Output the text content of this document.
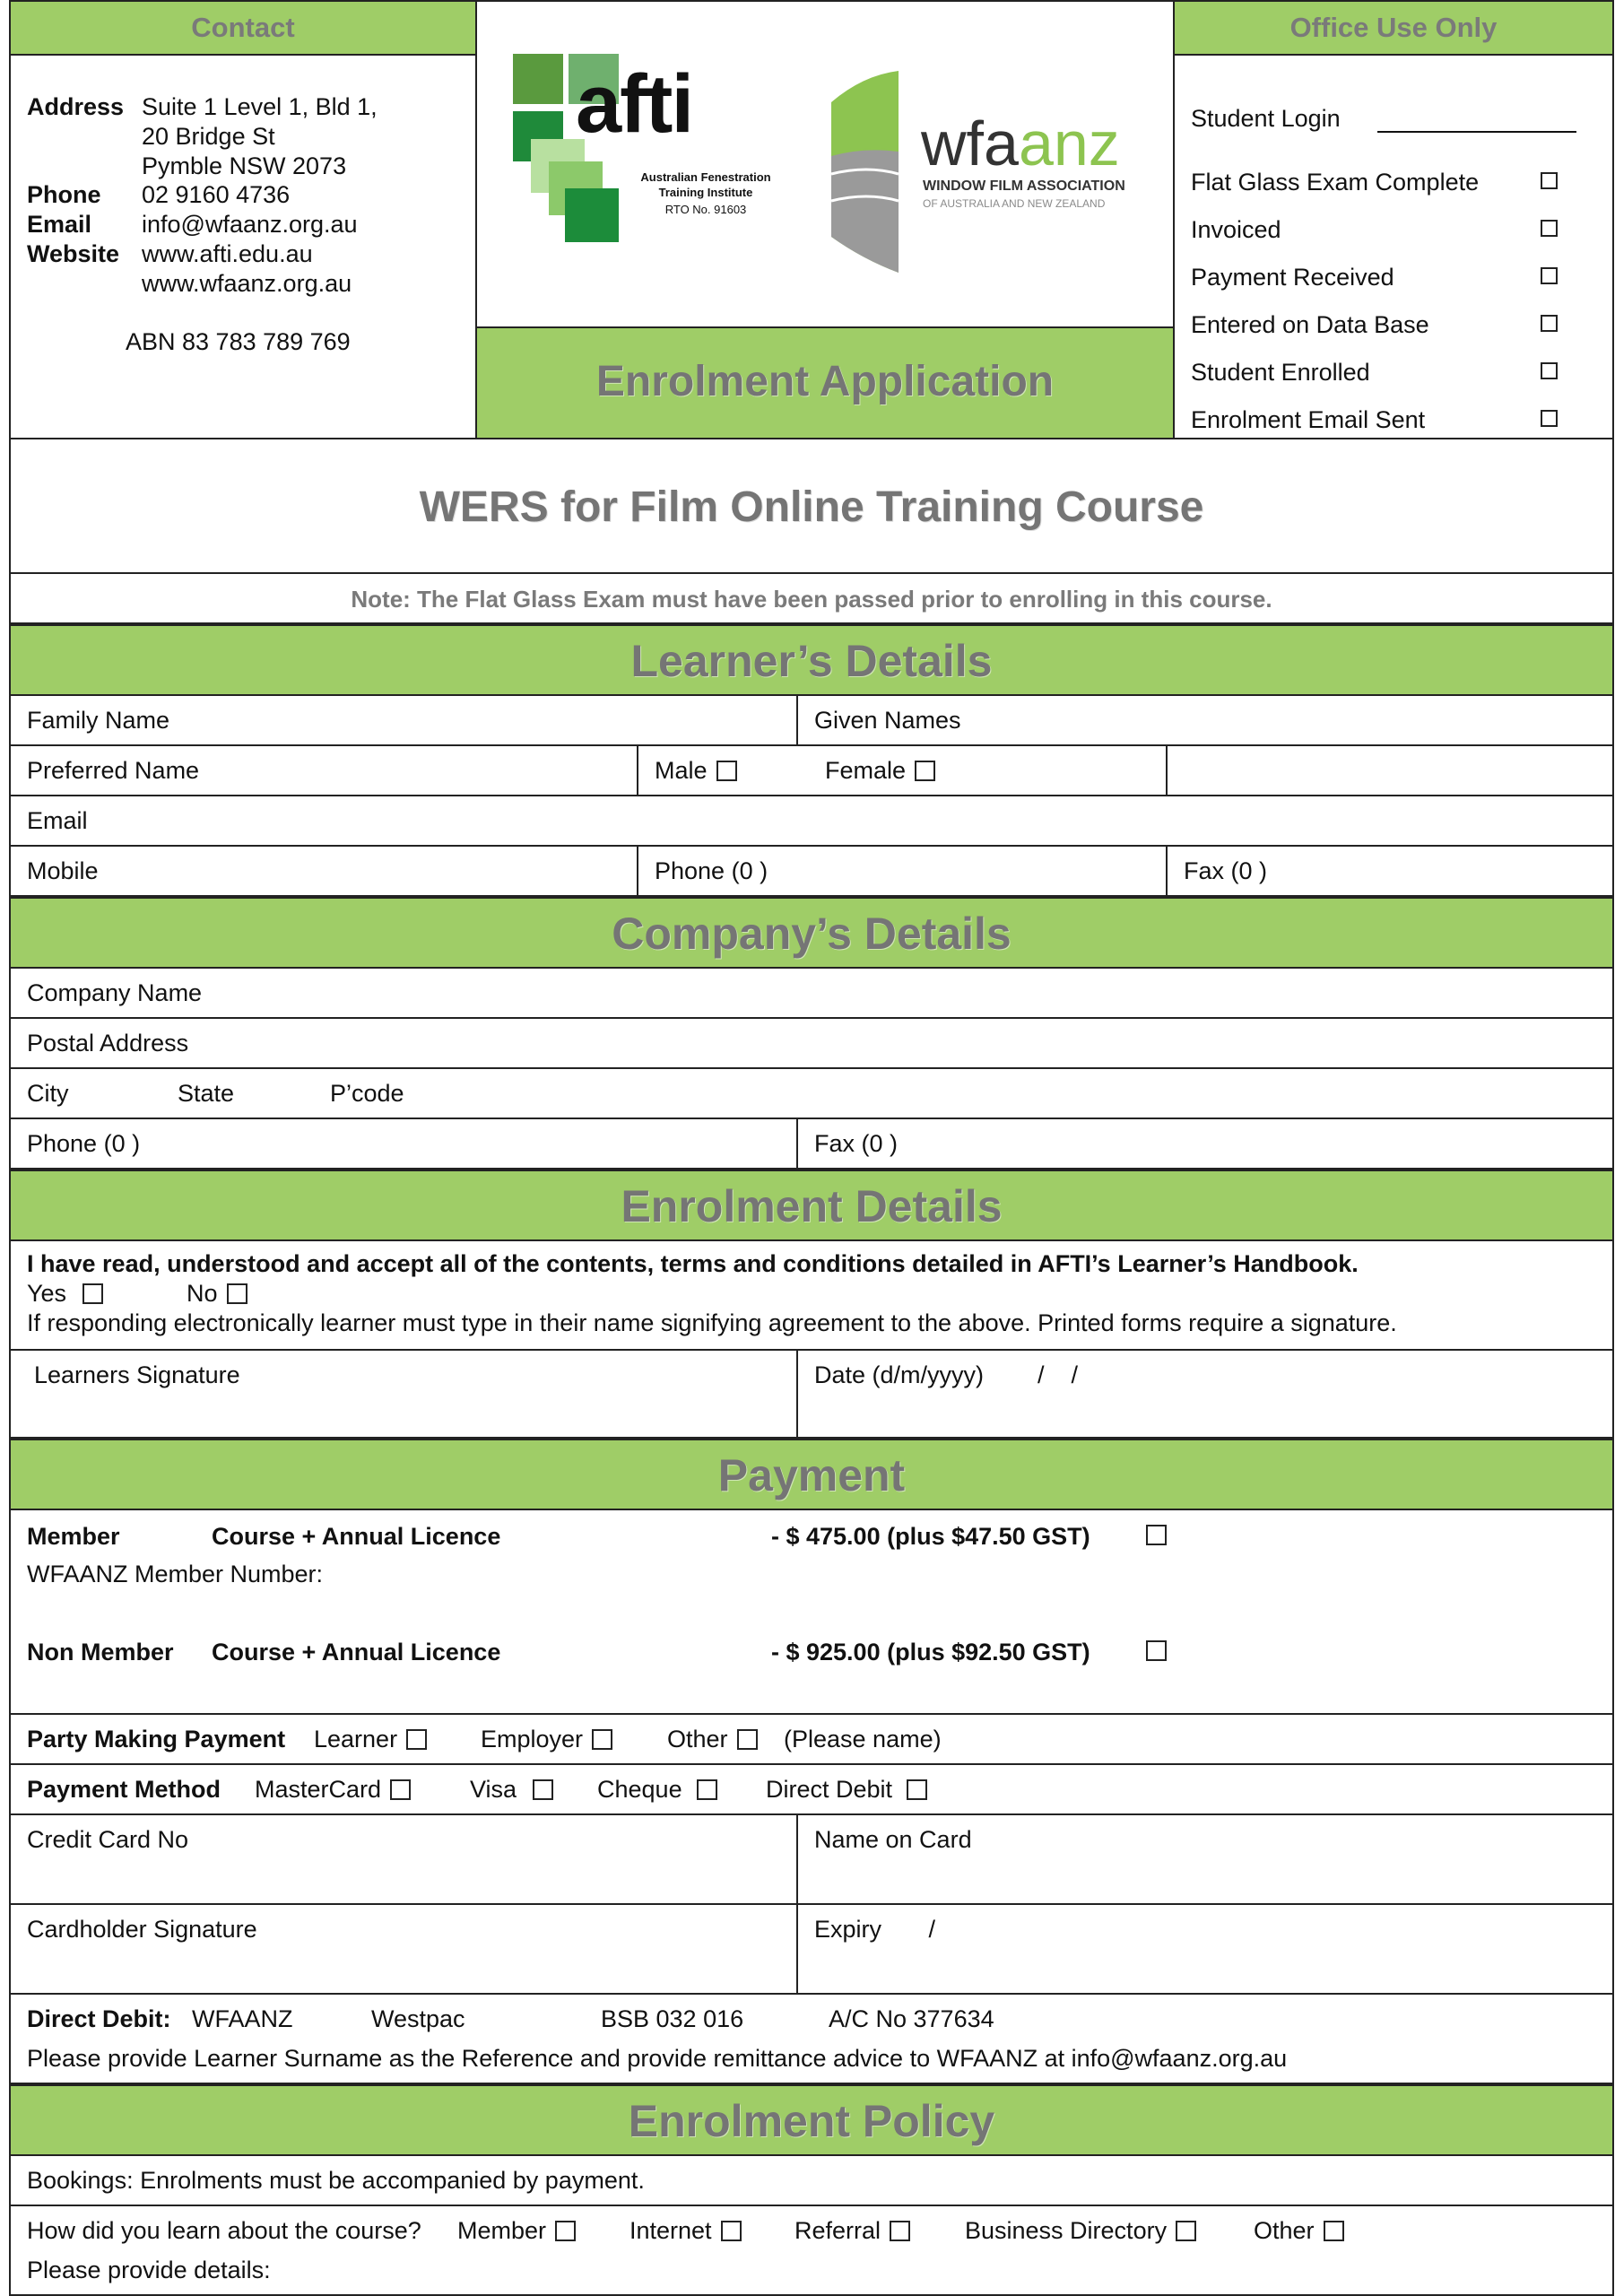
Contact
Address Suite 1 Level 1, Bld 1,
20 Bridge St
Pymble NSW 2073
Phone 02 9160 4736
Email info@wfaanz.org.au
Website www.afti.edu.au
www.wfaanz.org.au
ABN 83 783 789 769
afti
Australian Fenestration
Training Institute
RTO No. 91603
wfaanz
WINDOW FILM ASSOCIATION
OF AUSTRALIA AND NEW ZEALAND
Enrolment Application
Office Use Only
Student Login
Flat Glass Exam Complete
Invoiced
Payment Received
Entered on Data Base
Student Enrolled
Enrolment Email Sent
WERS for Film Online Training Course
Note: The Flat Glass Exam must have been passed prior to enrolling in this course.
Learner’s Details
Family Name	Given Names
Preferred Name	Male	Female
Email
Mobile	Phone (0 )	Fax (0 )
Company’s Details
Company Name
Postal Address
City	State	P’code
Phone (0 )	Fax (0 )
Enrolment Details
I have read, understood and accept all of the contents, terms and conditions detailed in AFTI’s Learner’s Handbook.
Yes	No
If responding electronically learner must type in their name signifying agreement to the above. Printed forms require a signature.
Learners Signature	Date (d/m/yyyy)        /    /
Payment
Member	Course + Annual Licence	- $ 475.00 (plus $47.50 GST)
WFAANZ Member Number:
Non Member Course + Annual Licence	- $ 925.00 (plus $92.50 GST)
Party Making Payment Learner	Employer	Other	(Please name)
Payment Method MasterCard	Visa	Cheque	Direct Debit
Credit Card No	Name on Card
Cardholder Signature	Expiry       /
Direct Debit: WFAANZ	Westpac	BSB 032 016	A/C No 377634
Please provide Learner Surname as the Reference and provide remittance advice to WFAANZ at info@wfaanz.org.au
Enrolment Policy
Bookings: Enrolments must be accompanied by payment.
How did you learn about the course? Member	Internet	Referral	Business Directory	Other
Please provide details:
